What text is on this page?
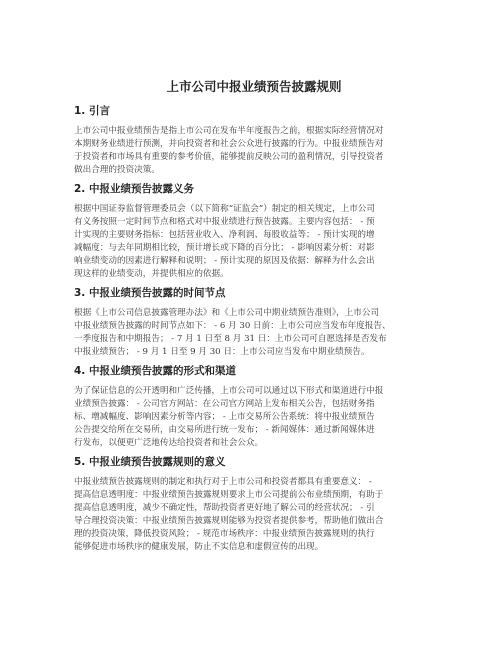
上市公司中报业绩预告披露规则
1. 引言
上市公司中报业绩预告是指上市公司在发布半年度报告之前，根据实际经营情况对
本期财务业绩进行预测，并向投资者和社会公众进行披露的行为。中报业绩预告对
于投资者和市场具有重要的参考价值，能够提前反映公司的盈利情况，引导投资者
做出合理的投资决策。
2. 中报业绩预告披露义务
根据中国证券监督管理委员会（以下简称“证监会”）制定的相关规定，上市公司
有义务按照一定时间节点和格式对中报业绩进行预告披露。主要内容包括： - 预
计实现的主要财务指标：包括营业收入、净利润、每股收益等； - 预计实现的增
减幅度：与去年同期相比较，预计增长或下降的百分比； - 影响因素分析：对影
响业绩变动的因素进行解释和说明； - 预计实现的原因及依据：解释为什么会出
现这样的业绩变动，并提供相应的依据。
3. 中报业绩预告披露的时间节点
根据《上市公司信息披露管理办法》和《上市公司中期业绩预告准则》，上市公司
中报业绩预告披露的时间节点如下： - 6 月 30 日前：上市公司应当发布年度报告、
一季度报告和中期报告； - 7 月 1 日至 8 月 31 日：上市公司可自愿选择是否发布
中报业绩预告； - 9 月 1 日至 9 月 30 日：上市公司应当发布中期业绩预告。
4. 中报业绩预告披露的形式和渠道
为了保证信息的公开透明和广泛传播，上市公司可以通过以下形式和渠道进行中报
业绩预告披露： - 公司官方网站：在公司官方网站上发布相关公告，包括财务指
标、增减幅度、影响因素分析等内容； - 上市交易所公告系统：将中报业绩预告
公告提交给所在交易所，由交易所进行统一发布； - 新闻媒体：通过新闻媒体进
行发布，以便更广泛地传达给投资者和社会公众。
5. 中报业绩预告披露规则的意义
中报业绩预告披露规则的制定和执行对于上市公司和投资者都具有重要意义： -
提高信息透明度：中报业绩预告披露规则要求上市公司提前公布业绩预期，有助于
提高信息透明度，减少不确定性，帮助投资者更好地了解公司的经营状况； - 引
导合理投资决策：中报业绩预告披露规则能够为投资者提供参考，帮助他们做出合
理的投资决策，降低投资风险； - 规范市场秩序：中报业绩预告披露规则的执行
能够促进市场秩序的健康发展，防止不实信息和虚假宣传的出现。
